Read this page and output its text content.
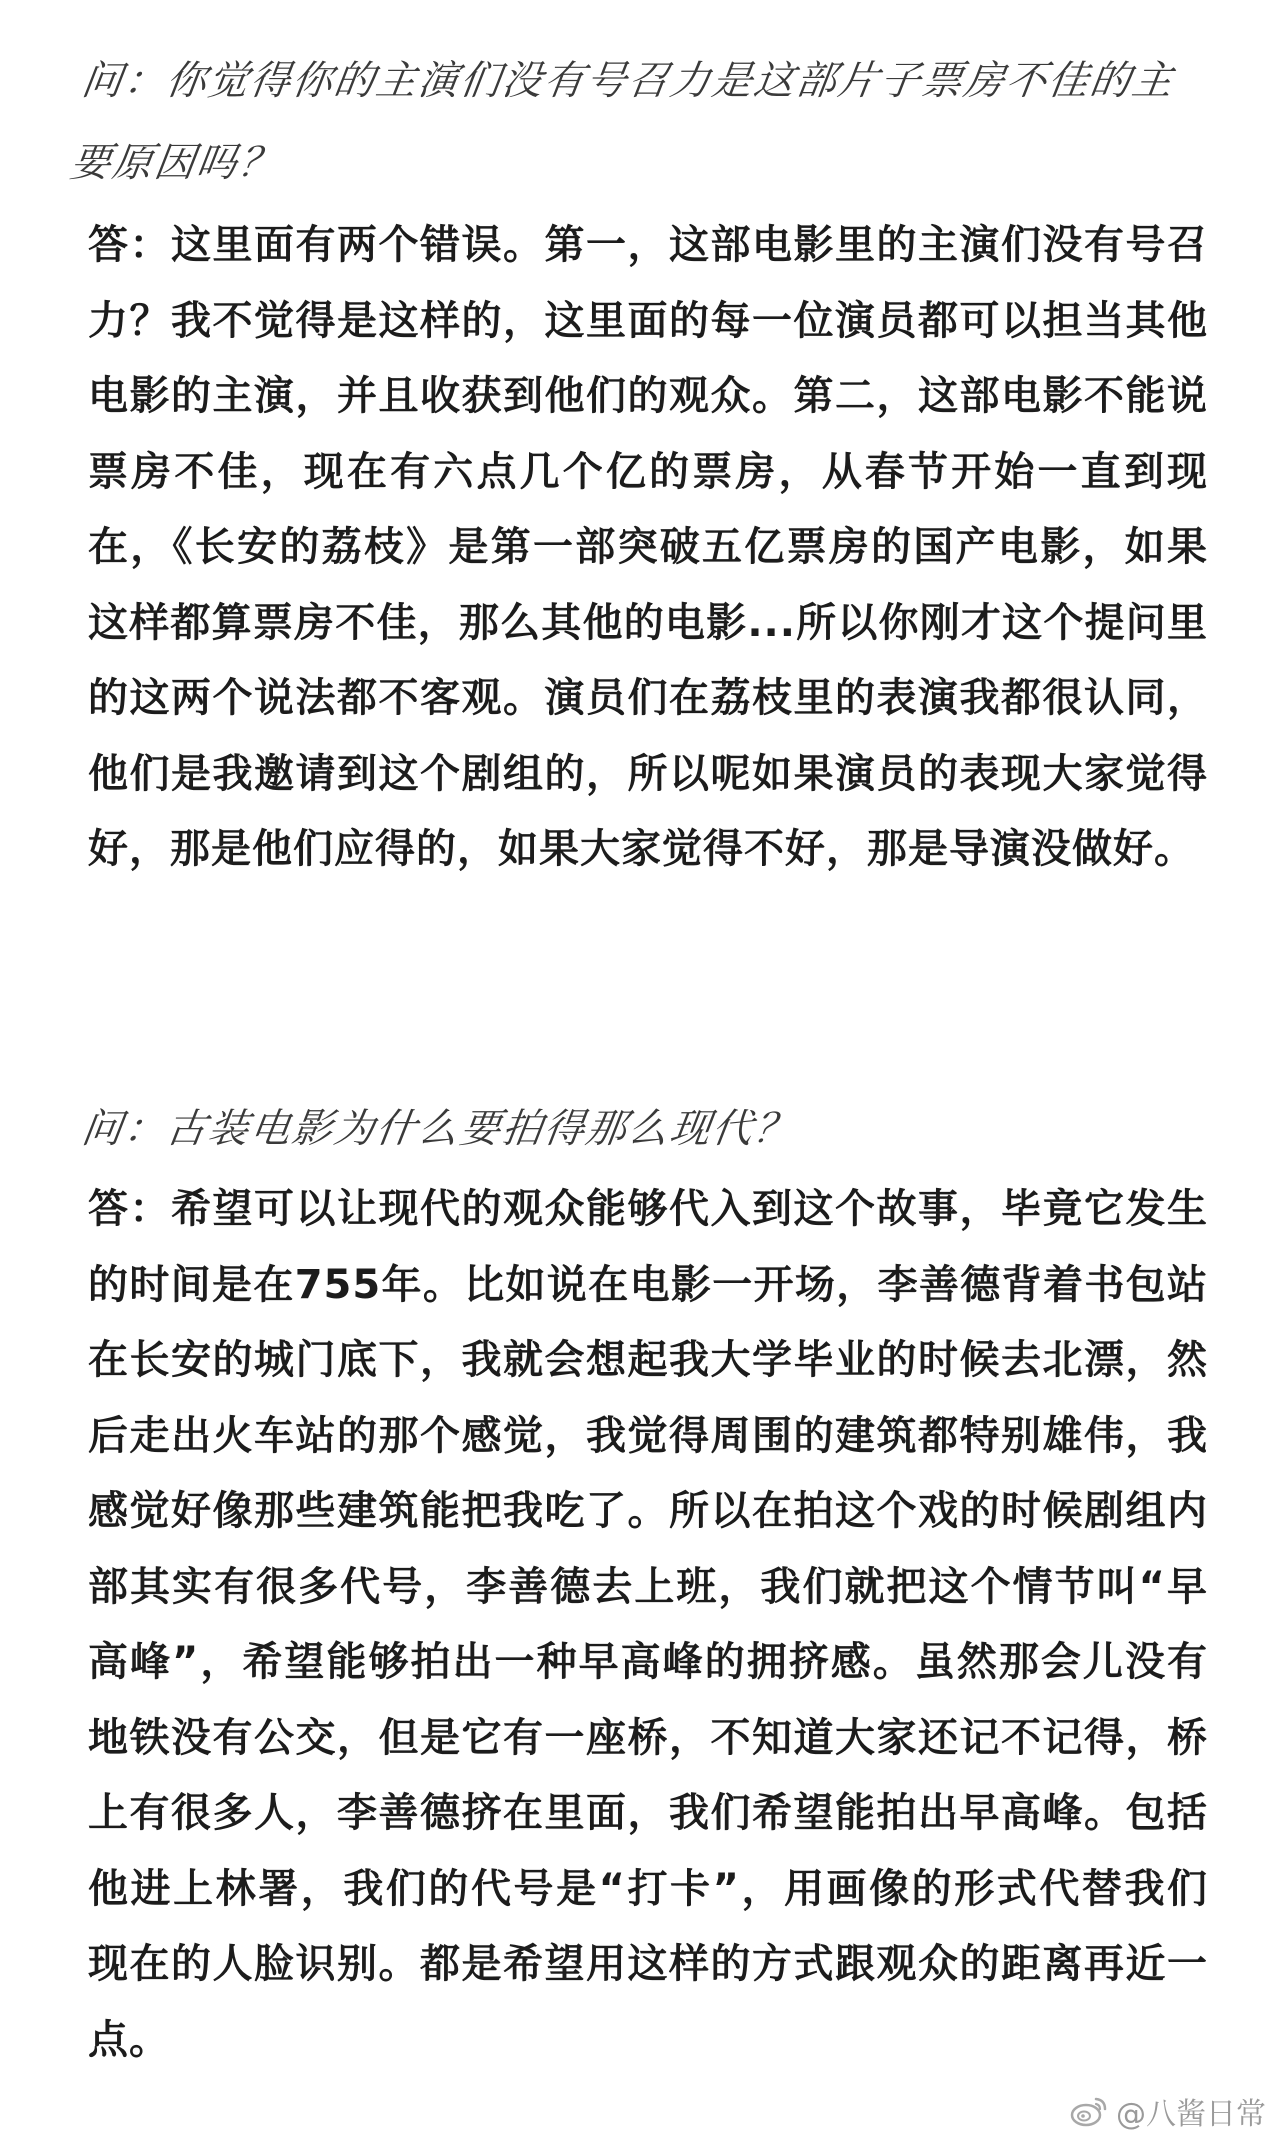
问：你觉得你的主演们没有号召力是这部片子票房不佳的主要原因吗？

答：这里面有两个错误。第一，这部电影里的主演们没有号召力？我不觉得是这样的，这里面的每一位演员都可以担当其他电影的主演，并且收获到他们的观众。第二，这部电影不能说票房不佳，现在有六点几个亿的票房，从春节开始一直到现在，《长安的荔枝》是第一部突破五亿票房的国产电影，如果这样都算票房不佳，那么其他的电影...所以你刚才这个提问里的这两个说法都不客观。演员们在荔枝里的表演我都很认同，他们是我邀请到这个剧组的，所以呢如果演员的表现大家觉得好，那是他们应得的，如果大家觉得不好，那是导演没做好。

问：古装电影为什么要拍得那么现代？

答：希望可以让现代的观众能够代入到这个故事，毕竟它发生的时间是在755年。比如说在电影一开场，李善德背着书包站在长安的城门底下，我就会想起我大学毕业的时候去北漂，然后走出火车站的那个感觉，我觉得周围的建筑都特别雄伟，我感觉好像那些建筑能把我吃了。所以在拍这个戏的时候剧组内部其实有很多代号，李善德去上班，我们就把这个情节叫“早高峰”，希望能够拍出一种早高峰的拥挤感。虽然那会儿没有地铁没有公交，但是它有一座桥，不知道大家还记不记得，桥上有很多人，李善德挤在里面，我们希望能拍出早高峰。包括他进上林署，我们的代号是“打卡”，用画像的形式代替我们现在的人脸识别。都是希望用这样的方式跟观众的距离再近一点。

@八酱日常
